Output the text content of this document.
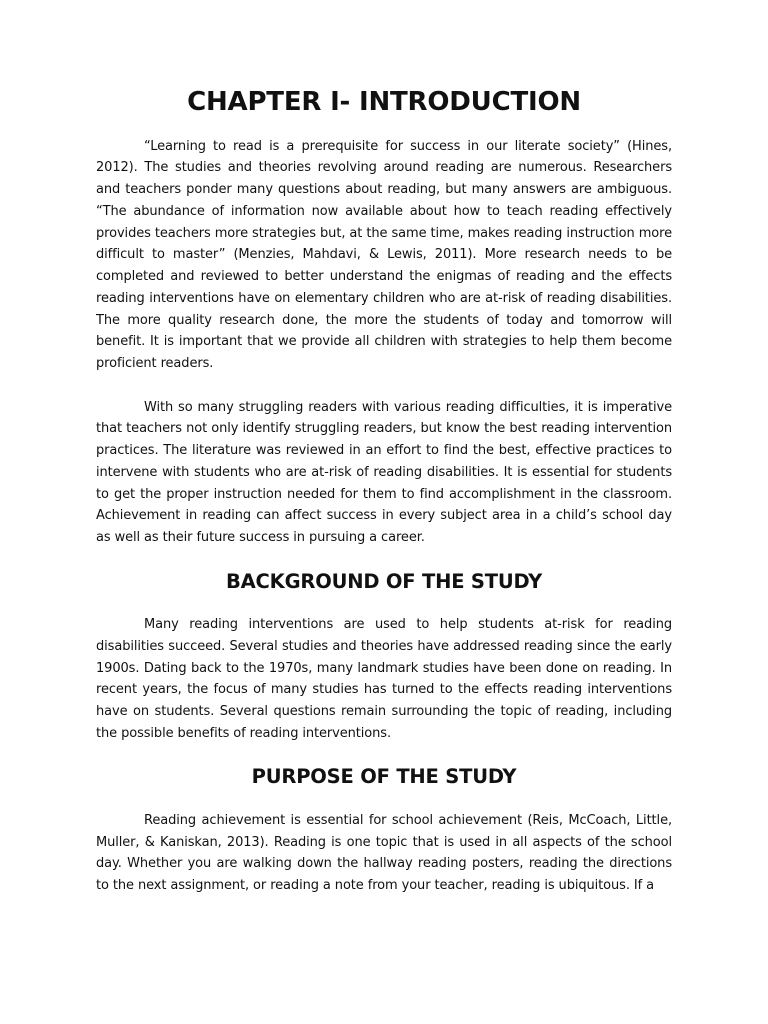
CHAPTER I- INTRODUCTION

“Learning to read is a prerequisite for success in our literate society” (Hines, 2012). The studies and theories revolving around reading are numerous. Researchers and teachers ponder many questions about reading, but many answers are ambiguous. “The abundance of information now available about how to teach reading effectively provides teachers more strategies but, at the same time, makes reading instruction more difficult to master” (Menzies, Mahdavi, & Lewis, 2011). More research needs to be completed and reviewed to better understand the enigmas of reading and the effects reading interventions have on elementary children who are at-risk of reading disabilities. The more quality research done, the more the students of today and tomorrow will benefit. It is important that we provide all children with strategies to help them become proficient readers.

With so many struggling readers with various reading difficulties, it is imperative that teachers not only identify struggling readers, but know the best reading intervention practices. The literature was reviewed in an effort to find the best, effective practices to intervene with students who are at-risk of reading disabilities. It is essential for students to get the proper instruction needed for them to find accomplishment in the classroom. Achievement in reading can affect success in every subject area in a child’s school day as well as their future success in pursuing a career.

BACKGROUND OF THE STUDY

Many reading interventions are used to help students at-risk for reading disabilities succeed. Several studies and theories have addressed reading since the early 1900s. Dating back to the 1970s, many landmark studies have been done on reading. In recent years, the focus of many studies has turned to the effects reading interventions have on students. Several questions remain surrounding the topic of reading, including the possible benefits of reading interventions.

PURPOSE OF THE STUDY

Reading achievement is essential for school achievement (Reis, McCoach, Little, Muller, & Kaniskan, 2013). Reading is one topic that is used in all aspects of the school day. Whether you are walking down the hallway reading posters, reading the directions to the next assignment, or reading a note from your teacher, reading is ubiquitous. If a
